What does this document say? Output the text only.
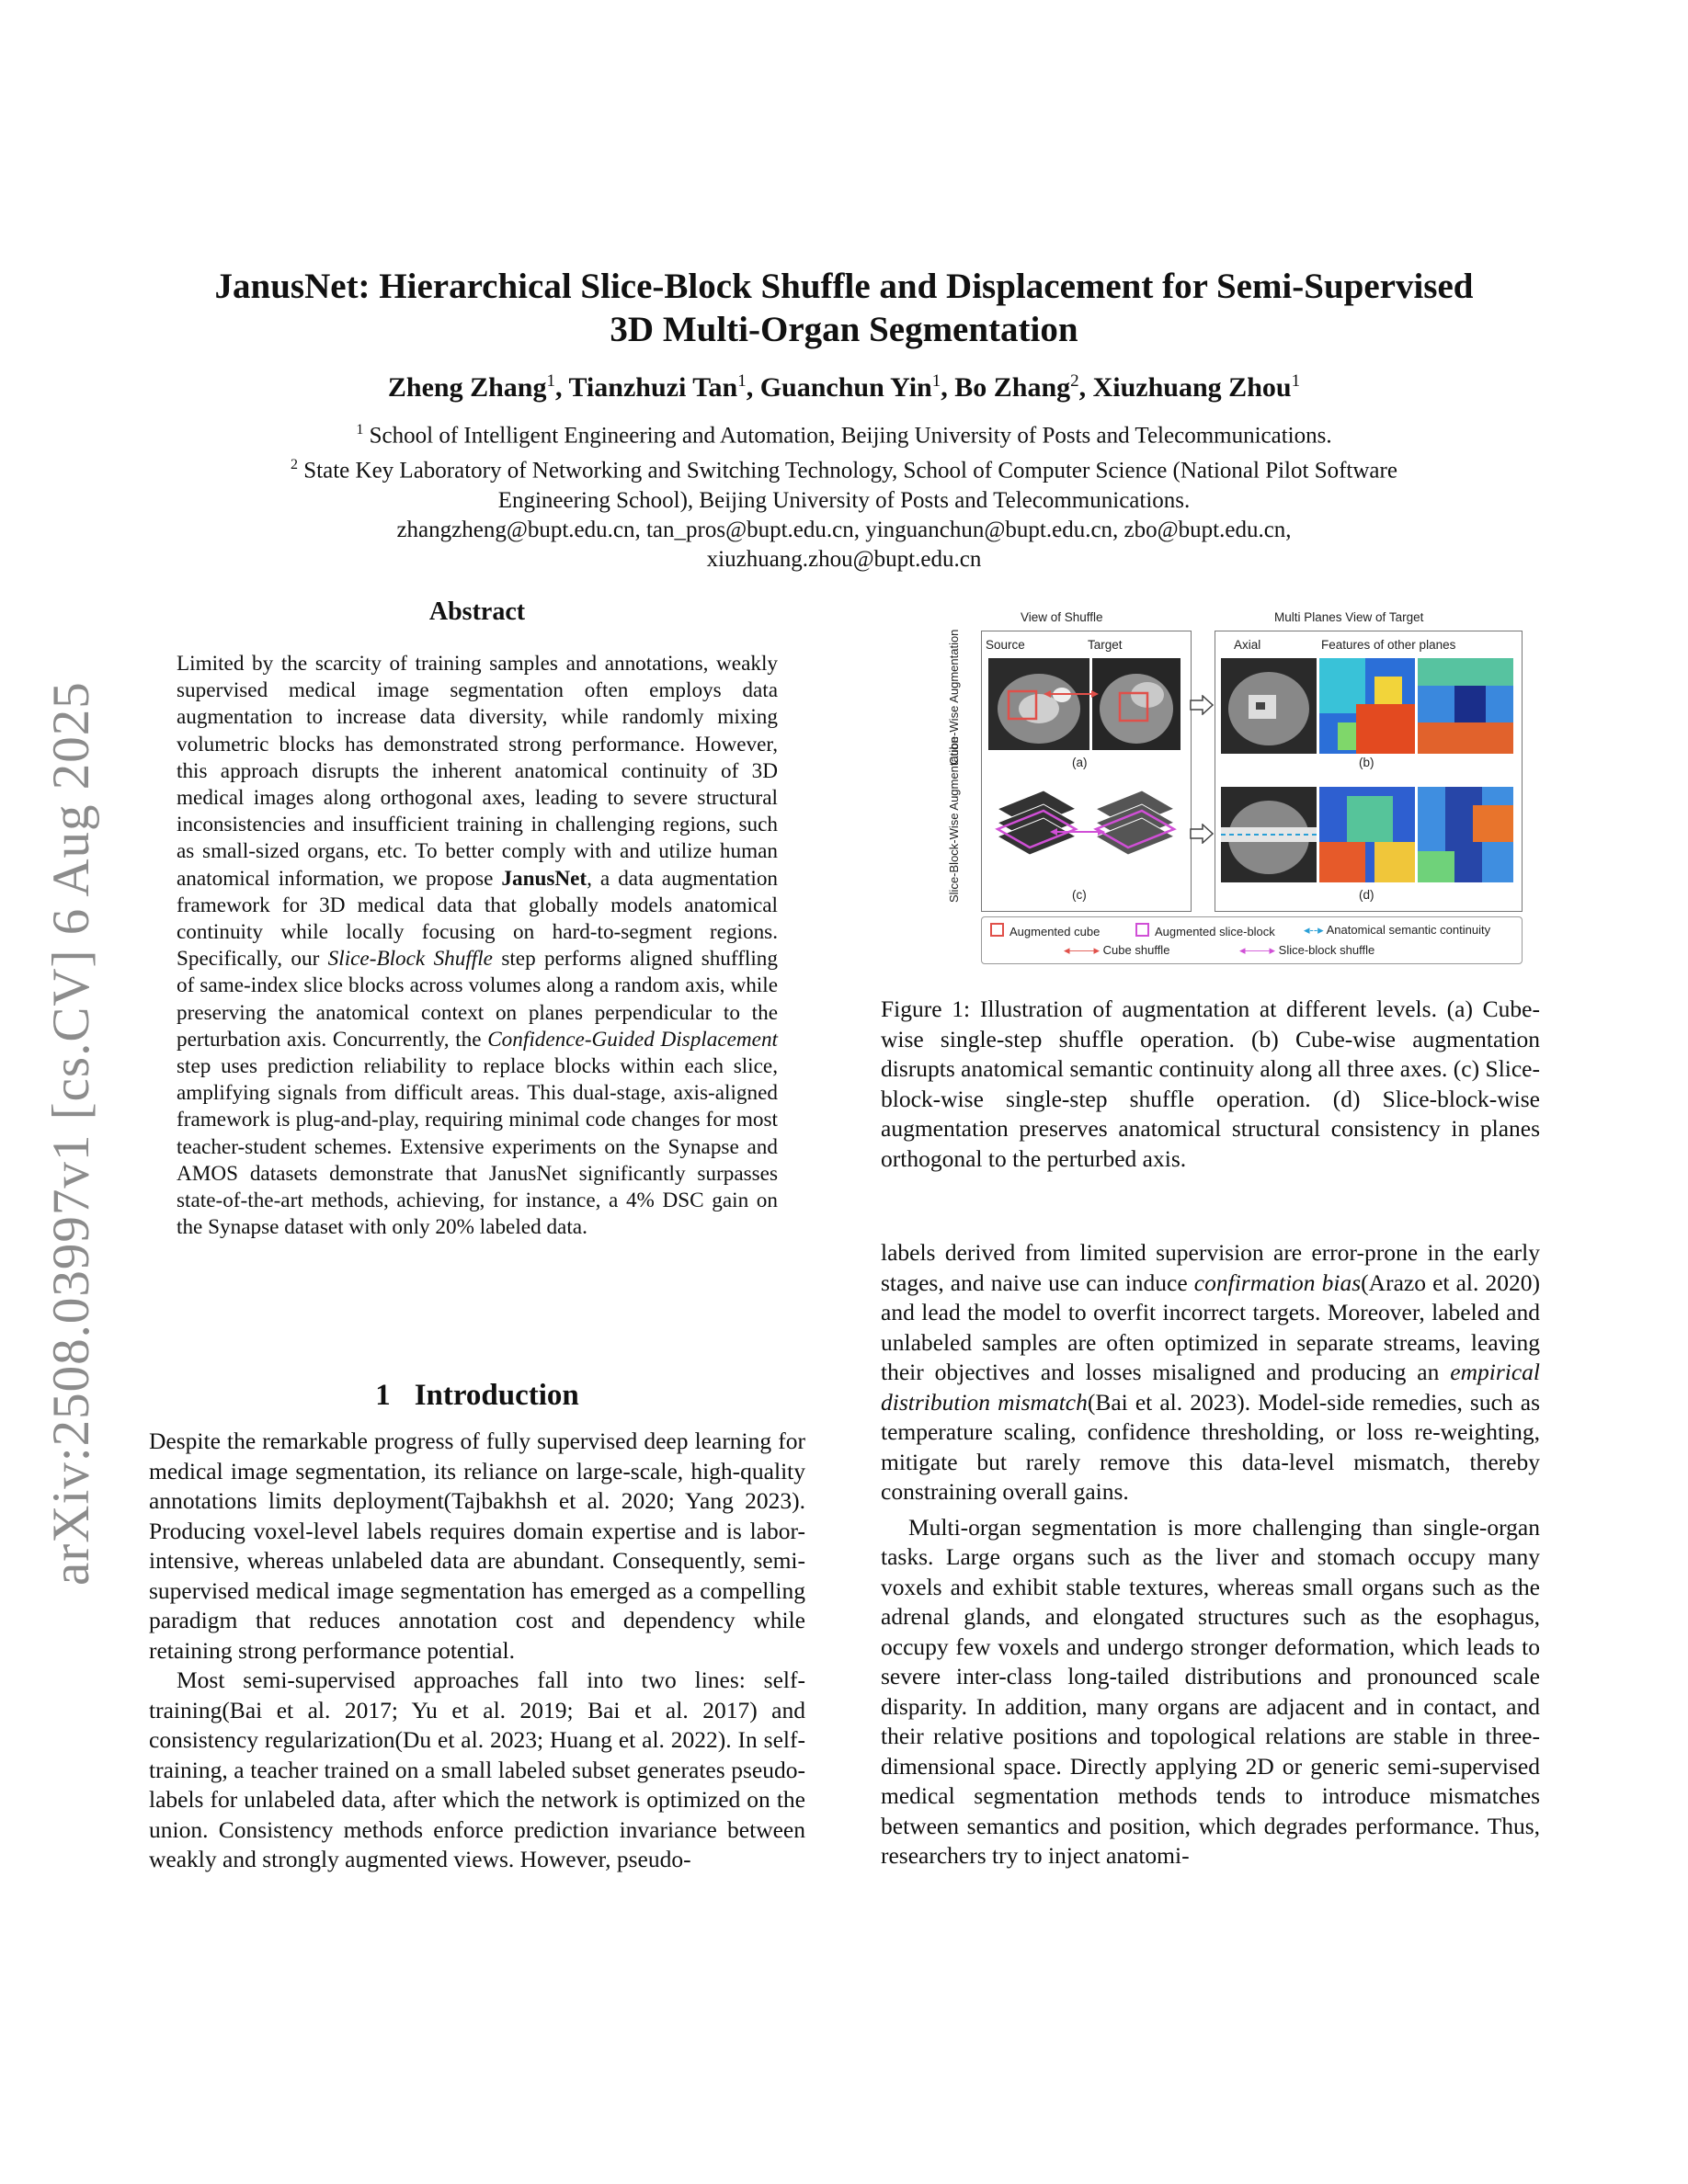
arXiv:2508.03997v1 [cs.CV] 6 Aug 2025
JanusNet: Hierarchical Slice-Block Shuffle and Displacement for Semi-Supervised
3D Multi-Organ Segmentation
Zheng Zhang$^1$, Tianzhuzi Tan$^1$, Guanchun Yin$^1$, Bo Zhang$^2$, Xiuzhuang Zhou$^1$
$^1$ School of Intelligent Engineering and Automation, Beijing University of Posts and Telecommunications.
$^2$ State Key Laboratory of Networking and Switching Technology, School of Computer Science (National Pilot Software
Engineering School), Beijing University of Posts and Telecommunications.
zhangzheng@bupt.edu.cn, tan_pros@bupt.edu.cn, yinguanchun@bupt.edu.cn, zbo@bupt.edu.cn,
xiuzhuang.zhou@bupt.edu.cn
Abstract
Limited by the scarcity of training samples and annotations, weakly supervised medical image segmentation often employs data augmentation to increase data diversity, while randomly mixing volumetric blocks has demonstrated strong performance. However, this approach disrupts the inherent anatomical continuity of 3D medical images along orthogonal axes, leading to severe structural inconsistencies and insufficient training in challenging regions, such as small-sized organs, etc. To better comply with and utilize human anatomical information, we propose JanusNet, a data augmentation framework for 3D medical data that globally models anatomical continuity while locally focusing on hard-to-segment regions. Specifically, our Slice-Block Shuffle step performs aligned shuffling of same-index slice blocks across volumes along a random axis, while preserving the anatomical context on planes perpendicular to the perturbation axis. Concurrently, the Confidence-Guided Displacement step uses prediction reliability to replace blocks within each slice, amplifying signals from difficult areas. This dual-stage, axis-aligned framework is plug-and-play, requiring minimal code changes for most teacher-student schemes. Extensive experiments on the Synapse and AMOS datasets demonstrate that JanusNet significantly surpasses state-of-the-art methods, achieving, for instance, a 4% DSC gain on the Synapse dataset with only 20% labeled data.
1 Introduction

Despite the remarkable progress of fully supervised deep learning for medical image segmentation, its reliance on large-scale, high-quality annotations limits deployment(Tajbakhsh et al. 2020; Yang 2023). Producing voxel-level labels requires domain expertise and is labor-intensive, whereas unlabeled data are abundant. Consequently, semi-supervised medical image segmentation has emerged as a compelling paradigm that reduces annotation cost and dependency while retaining strong performance potential.

Most semi-supervised approaches fall into two lines: self-training(Bai et al. 2017; Yu et al. 2019; Bai et al. 2017) and consistency regularization(Du et al. 2023; Huang et al. 2022). In self-training, a teacher trained on a small labeled subset generates pseudo-labels for unlabeled data, after which the network is optimized on the union. Consistency methods enforce prediction invariance between weakly and strongly augmented views. However, pseudo-

View of Shuffle	Multi Planes View of Target
Source	Target	Axial	Features of other planes
Cube-Wise Augmentation
Slice-Block-Wise Augmentation	(a)	(b)
(c)	(d)
Augmented cube	Augmented slice-block ◂‑‑▸ Anatomical semantic continuity
◂——▸ Cube shuffle	◂——▸ Slice-block shuffle
Figure 1: Illustration of augmentation at different levels. (a) Cube-wise single-step shuffle operation. (b) Cube-wise augmentation disrupts anatomical semantic continuity along all three axes. (c) Slice-block-wise single-step shuffle operation. (d) Slice-block-wise augmentation preserves anatomical structural consistency in planes orthogonal to the perturbed axis.

labels derived from limited supervision are error-prone in the early stages, and naive use can induce confirmation bias(Arazo et al. 2020) and lead the model to overfit incorrect targets. Moreover, labeled and unlabeled samples are often optimized in separate streams, leaving their objectives and losses misaligned and producing an empirical distribution mismatch(Bai et al. 2023). Model-side remedies, such as temperature scaling, confidence thresholding, or loss re-weighting, mitigate but rarely remove this data-level mismatch, thereby constraining overall gains.

Multi-organ segmentation is more challenging than single-organ tasks. Large organs such as the liver and stomach occupy many voxels and exhibit stable textures, whereas small organs such as the adrenal glands, and elongated structures such as the esophagus, occupy few voxels and undergo stronger deformation, which leads to severe inter-class long-tailed distributions and pronounced scale disparity. In addition, many organs are adjacent and in contact, and their relative positions and topological relations are stable in three-dimensional space. Directly applying 2D or generic semi-supervised medical segmentation methods tends to introduce mismatches between semantics and position, which degrades performance. Thus, researchers try to inject anatomi-
